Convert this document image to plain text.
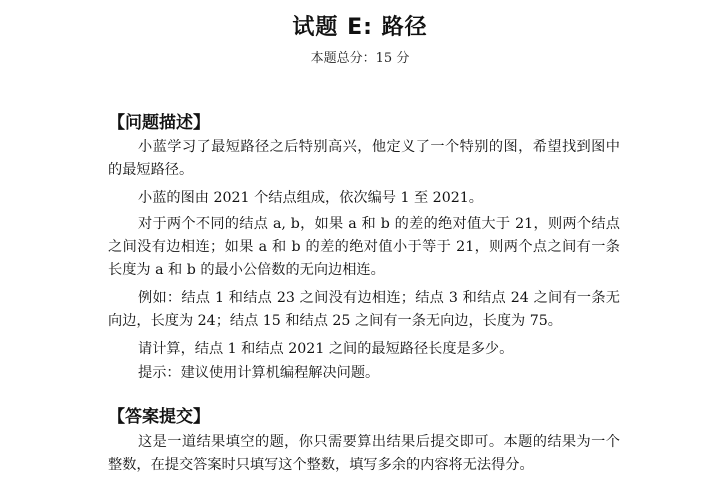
试题 E: 路径
本题总分：15 分
【问题描述】
小蓝学习了最短路径之后特别高兴，他定义了一个特别的图，希望找到图中的最短路径。
小蓝的图由 2021 个结点组成，依次编号 1 至 2021。
对于两个不同的结点 a, b，如果 a 和 b 的差的绝对值大于 21，则两个结点之间没有边相连；如果 a 和 b 的差的绝对值小于等于 21，则两个点之间有一条长度为 a 和 b 的最小公倍数的无向边相连。
例如：结点 1 和结点 23 之间没有边相连；结点 3 和结点 24 之间有一条无向边，长度为 24；结点 15 和结点 25 之间有一条无向边，长度为 75。
请计算，结点 1 和结点 2021 之间的最短路径长度是多少。
提示：建议使用计算机编程解决问题。
【答案提交】
这是一道结果填空的题，你只需要算出结果后提交即可。本题的结果为一个整数，在提交答案时只填写这个整数，填写多余的内容将无法得分。
